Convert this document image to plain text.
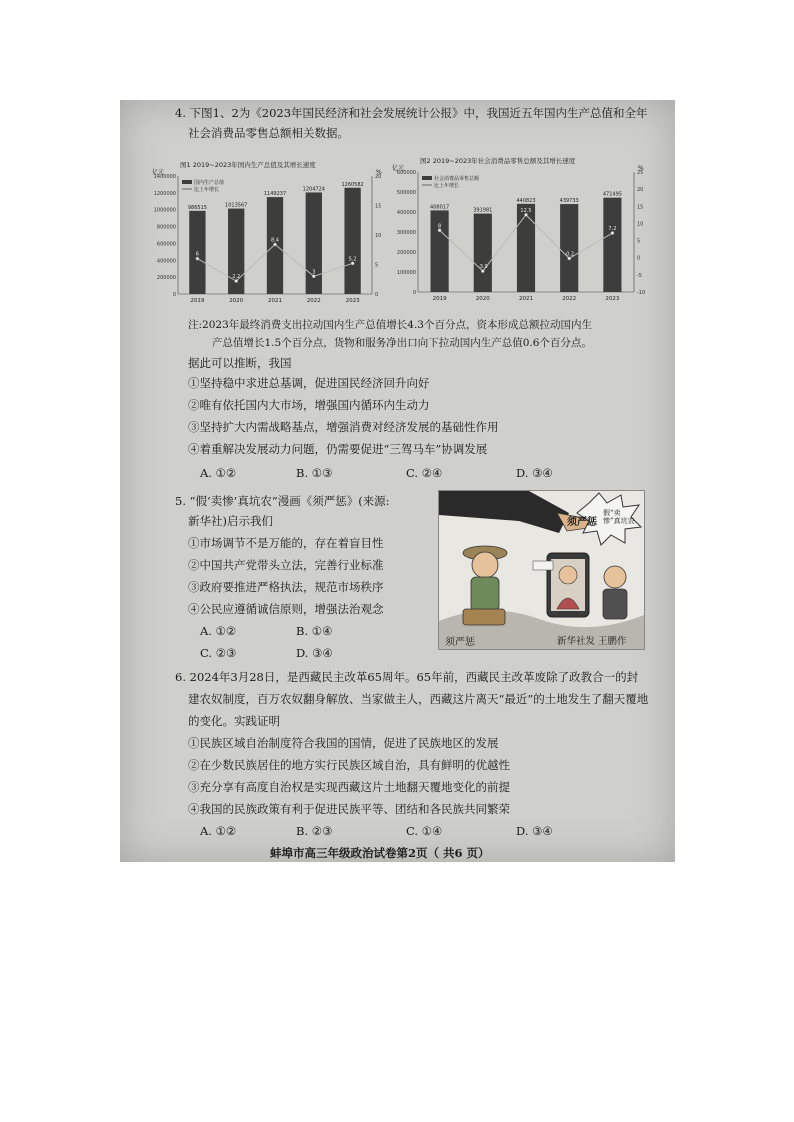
4. 下图1、2为《2023年国民经济和社会发展统计公报》中，我国近五年国内生产总值和全年
社会消费品零售总额相关数据。
图1 2019~2023年国内生产总值及其增长速度
亿元	%
0
200000
400000
600000
800000
1000000
1200000
1400000
0
5
10
15
20
986515
2019
1013567
2020
1149237
2021
1204724
2022
1260582
2023
6
2.2
8.4
3
5.2
国内生产总值
比上年增长
图2 2019~2023年社会消费品零售总额及其增长速度
亿元	%
0
100000
200000
300000
400000
500000
600000
-10
-5
0
5
10
15
20
25
408017
2019
391981
2020
440823
2021
439733
2022
471495
2023
8
-3.9
12.5
-0.2
7.2
社会消费品零售总额
比上年增长
注:2023年最终消费支出拉动国内生产总值增长4.3个百分点，资本形成总额拉动国内生
产总值增长1.5个百分点，货物和服务净出口向下拉动国内生产总值0.6个百分点。
据此可以推断，我国
①坚持稳中求进总基调，促进国民经济回升向好
②唯有依托国内大市场，增强国内循环内生动力
③坚持扩大内需战略基点，增强消费对经济发展的基础性作用
④着重解决发展动力问题，仍需要促进“三驾马车”协调发展
A. ①②	B. ①③	C. ②④	D. ③④
5. “假‘卖惨’真坑农”漫画《须严惩》(来源:
新华社)启示我们
①市场调节不是万能的，存在着盲目性
②中国共产党带头立法，完善行业标准
③政府要推进严格执法，规范市场秩序
④公民应遵循诚信原则，增强法治观念
A. ①②	B. ①④
C. ②③	D. ③④
须严惩
假“卖惨”真坑农
须严惩	新华社发 王鹏作
6. 2024年3月28日，是西藏民主改革65周年。65年前，西藏民主改革废除了政教合一的封
建农奴制度，百万农奴翻身解放、当家做主人，西藏这片离天“最近”的土地发生了翻天覆地
的变化。实践证明
①民族区域自治制度符合我国的国情，促进了民族地区的发展
②在少数民族居住的地方实行民族区域自治，具有鲜明的优越性
③充分享有高度自治权是实现西藏这片土地翻天覆地变化的前提
④我国的民族政策有利于促进民族平等、团结和各民族共同繁荣
A. ①②	B. ②③	C. ①④	D. ③④
蚌埠市高三年级政治试卷第2页（ 共6 页）
